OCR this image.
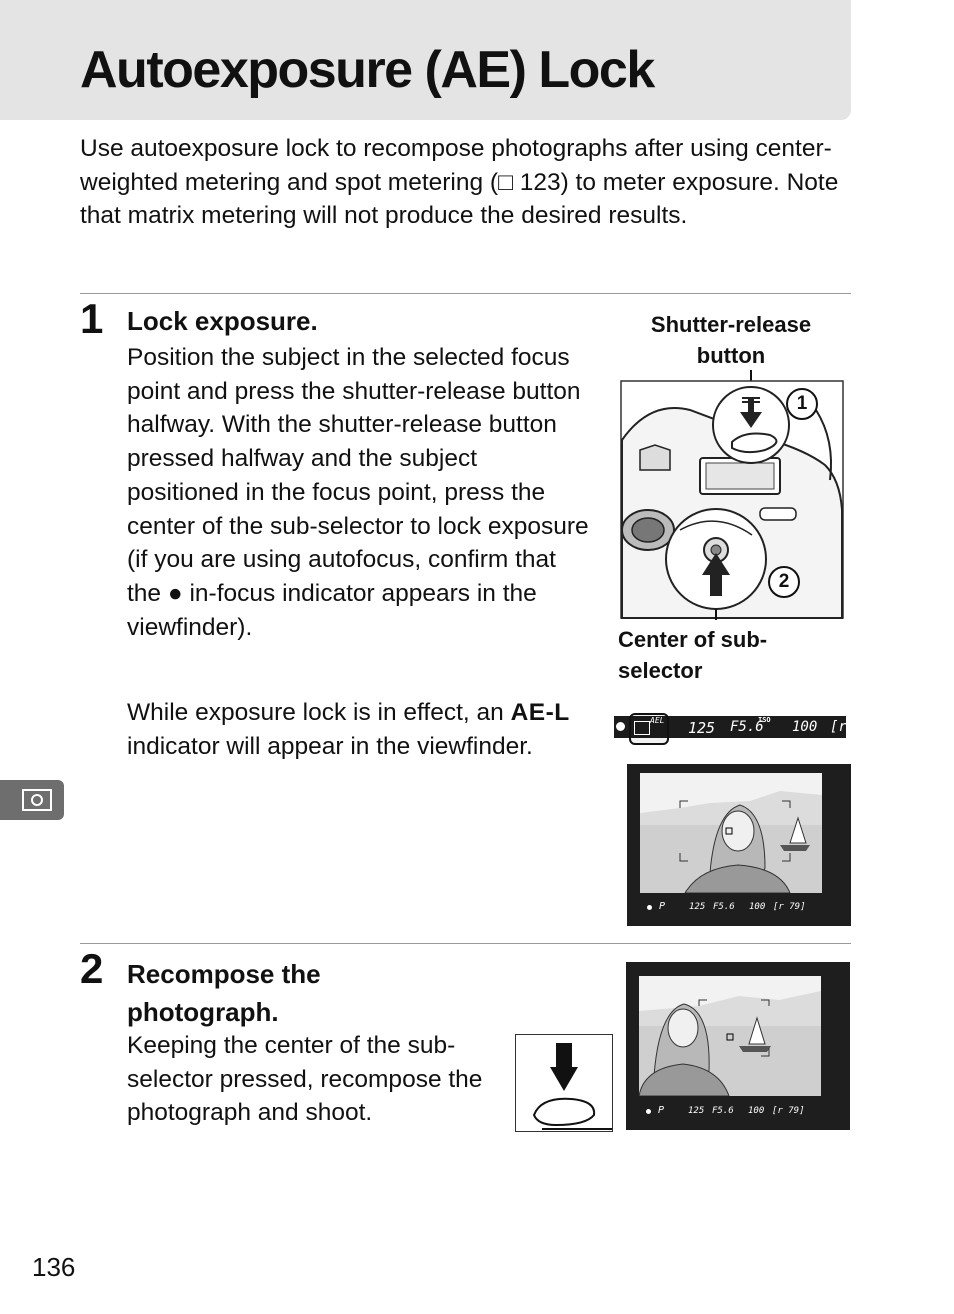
Autoexposure (AE) Lock

Use autoexposure lock to recompose photographs after using center-weighted metering and spot metering (□ 123) to meter exposure. Note that matrix metering will not produce the desired results.

1 Lock exposure.

Position the subject in the selected focus point and press the shutter-release button halfway. With the shutter-release button pressed halfway and the subject positioned in the focus point, press the center of the sub-selector to lock exposure (if you are using autofocus, confirm that the ● in-focus indicator appears in the viewfinder).

While exposure lock is in effect, an AE-L indicator will appear in the viewfinder.

Shutter-release
button
1
2
Center of sub-
selector
AEL 125 F5.6
ISO 100 [r
P	125 F5.6 100 [r 79]
2 Recompose the
photograph.

Keeping the center of the sub-selector pressed, recompose the photograph and shoot.	P	125 F5.6 100 [r 79]
136
